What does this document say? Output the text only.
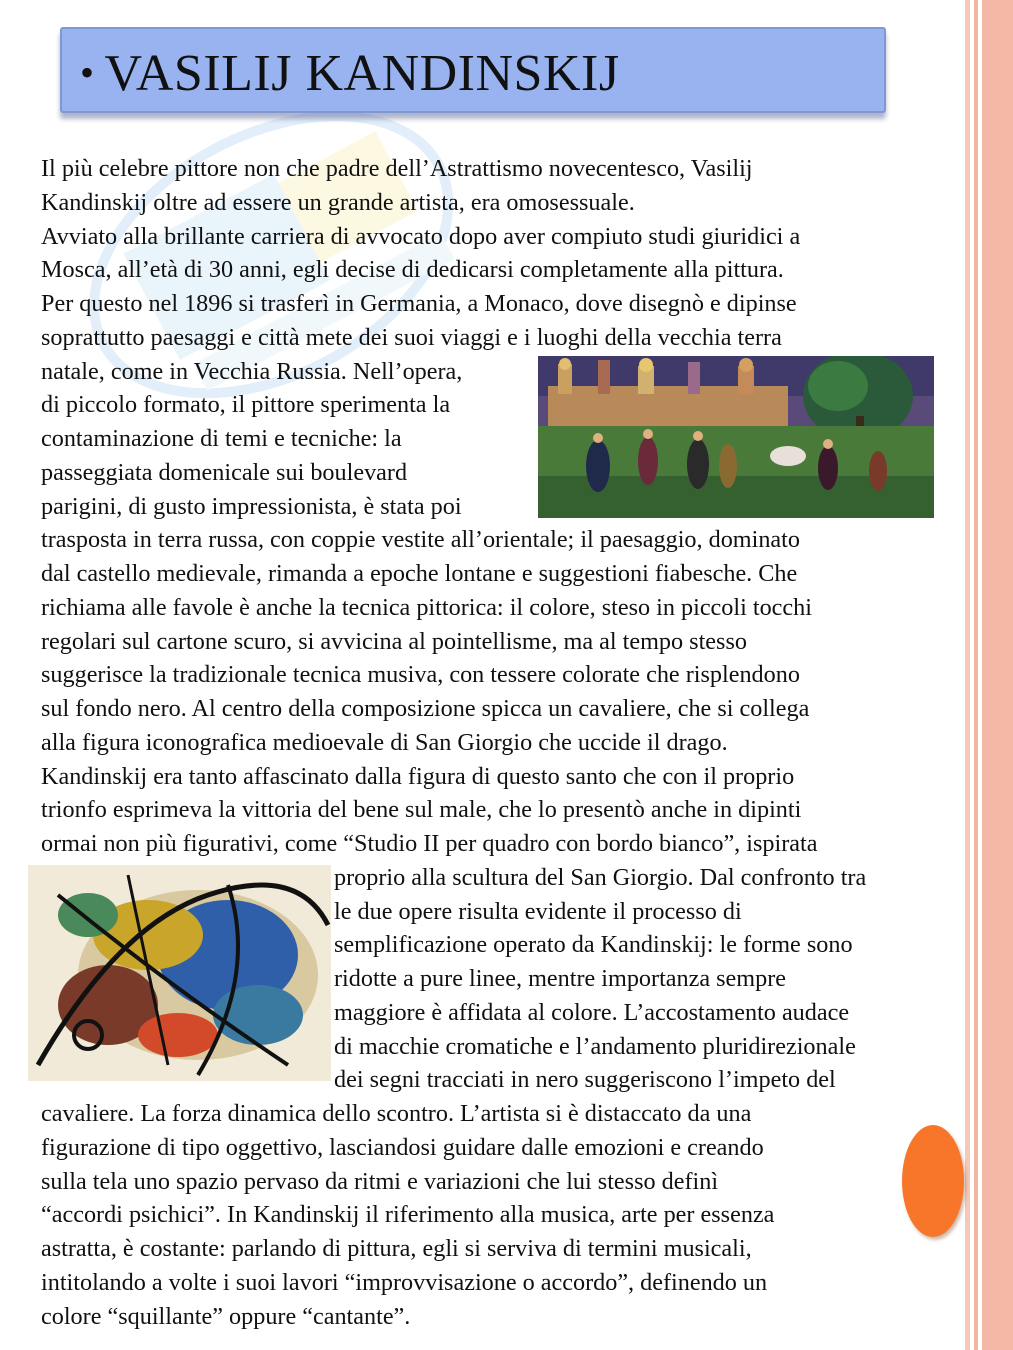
• VASILIJ KANDINSKIJ
Il più celebre pittore non che padre dell’Astrattismo novecentesco, Vasilij
Kandinskij oltre ad essere un grande artista, era omosessuale.
Avviato alla brillante carriera di avvocato dopo aver compiuto studi giuridici a
Mosca, all’età di 30 anni, egli decise di dedicarsi completamente alla pittura.
Per questo nel 1896 si trasferì in Germania, a Monaco, dove disegnò e dipinse
soprattutto paesaggi e città mete dei suoi viaggi e i luoghi della vecchia terra
natale, come in Vecchia Russia. Nell’opera,
di piccolo formato, il pittore sperimenta la
contaminazione di temi e tecniche: la
passeggiata domenicale sui boulevard
parigini, di gusto impressionista, è stata poi
trasposta in terra russa, con coppie vestite all’orientale; il paesaggio, dominato
dal castello medievale, rimanda a epoche lontane e suggestioni fiabesche. Che
richiama alle favole è anche la tecnica pittorica: il colore, steso in piccoli tocchi
regolari sul cartone scuro, si avvicina al pointellisme, ma al tempo stesso
suggerisce la tradizionale tecnica musiva, con tessere colorate che risplendono
sul fondo nero. Al centro della composizione spicca un cavaliere, che si collega
alla figura iconografica medioevale di San Giorgio che uccide il drago.
Kandinskij era tanto affascinato dalla figura di questo santo che con il proprio
trionfo esprimeva la vittoria del bene sul male, che lo presentò anche in dipinti
ormai non più figurativi, come “Studio II per quadro con bordo bianco”, ispirata
proprio alla scultura del San Giorgio. Dal confronto tra
le due opere risulta evidente il processo di
semplificazione operato da Kandinskij: le forme sono
ridotte a pure linee, mentre importanza sempre
maggiore è affidata al colore. L’accostamento audace
di macchie cromatiche e l’andamento pluridirezionale
dei segni tracciati in nero suggeriscono l’impeto del
cavaliere. La forza dinamica dello scontro. L’artista si è distaccato da una
figurazione di tipo oggettivo, lasciandosi guidare dalle emozioni e creando
sulla tela uno spazio pervaso da ritmi e variazioni che lui stesso definì
“accordi psichici”. In Kandinskij il riferimento alla musica, arte per essenza
astratta, è costante: parlando di pittura, egli si serviva di termini musicali,
intitolando a volte i suoi lavori “improvvisazione o accordo”, definendo un
colore “squillante” oppure “cantante”.
